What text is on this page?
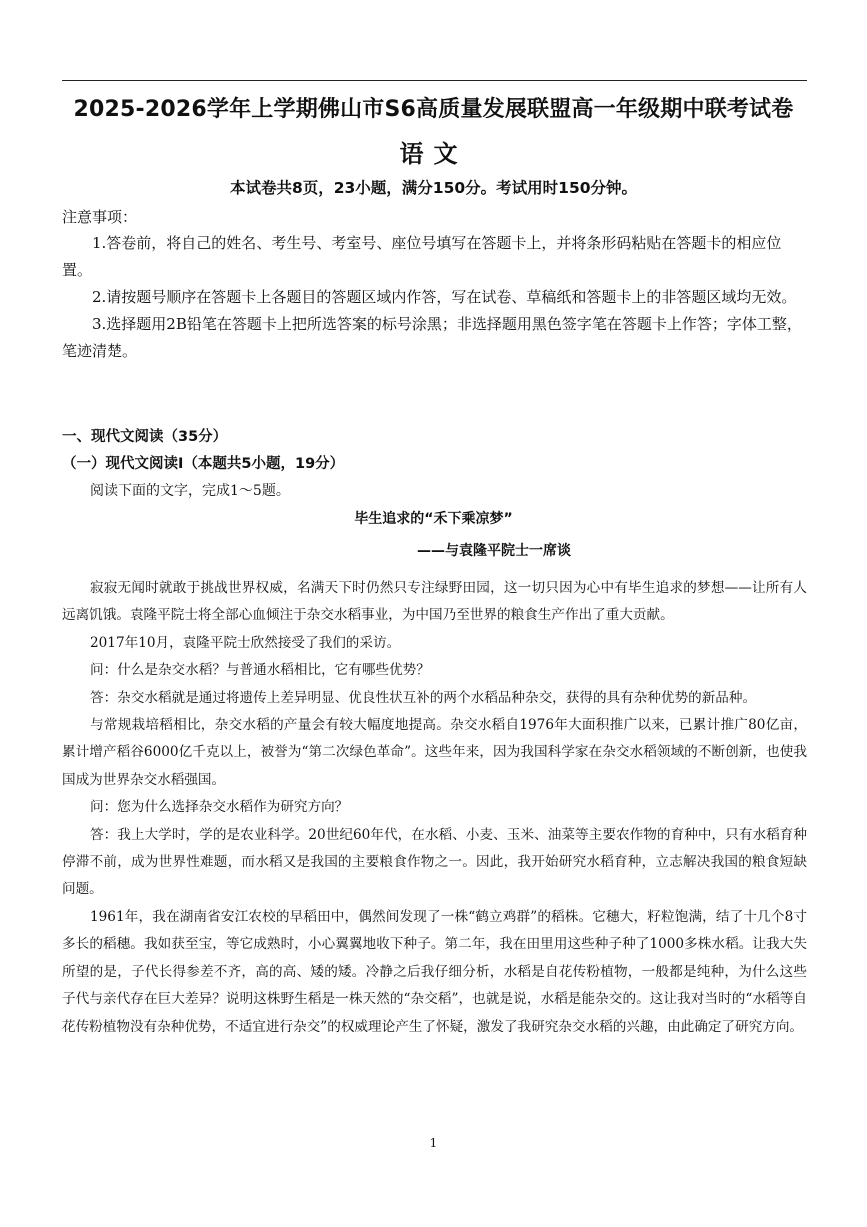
2025-2026学年上学期佛山市S6高质量发展联盟高一年级期中联考试卷
语文
本试卷共8页，23小题，满分150分。考试用时150分钟。
注意事项：

1.答卷前，将自己的姓名、考生号、考室号、座位号填写在答题卡上，并将条形码粘贴在答题卡的相应位置。

2.请按题号顺序在答题卡上各题目的答题区域内作答，写在试卷、草稿纸和答题卡上的非答题区域均无效。

3.选择题用2B铅笔在答题卡上把所选答案的标号涂黑；非选择题用黑色签字笔在答题卡上作答；字体工整，笔迹清楚。

一、现代文阅读（35分）
（一）现代文阅读Ⅰ（本题共5小题，19分）
阅读下面的文字，完成1～5题。
毕生追求的“禾下乘凉梦”
——与袁隆平院士一席谈

寂寂无闻时就敢于挑战世界权威，名满天下时仍然只专注绿野田园，这一切只因为心中有毕生追求的梦想——让所有人远离饥饿。袁隆平院士将全部心血倾注于杂交水稻事业，为中国乃至世界的粮食生产作出了重大贡献。

2017年10月，袁隆平院士欣然接受了我们的采访。

问：什么是杂交水稻？与普通水稻相比，它有哪些优势？

答：杂交水稻就是通过将遗传上差异明显、优良性状互补的两个水稻品种杂交，获得的具有杂种优势的新品种。

与常规栽培稻相比，杂交水稻的产量会有较大幅度地提高。杂交水稻自1976年大面积推广以来，已累计推广80亿亩，累计增产稻谷6000亿千克以上，被誉为“第二次绿色革命”。这些年来，因为我国科学家在杂交水稻领域的不断创新，也使我国成为世界杂交水稻强国。

问：您为什么选择杂交水稻作为研究方向？

答：我上大学时，学的是农业科学。20世纪60年代，在水稻、小麦、玉米、油菜等主要农作物的育种中，只有水稻育种停滞不前，成为世界性难题，而水稻又是我国的主要粮食作物之一。因此，我开始研究水稻育种，立志解决我国的粮食短缺问题。

1961年，我在湖南省安江农校的早稻田中，偶然间发现了一株“鹤立鸡群”的稻株。它穗大，籽粒饱满，结了十几个8寸多长的稻穗。我如获至宝，等它成熟时，小心翼翼地收下种子。第二年，我在田里用这些种子种了1000多株水稻。让我大失所望的是，子代长得参差不齐，高的高、矮的矮。冷静之后我仔细分析，水稻是自花传粉植物，一般都是纯种，为什么这些子代与亲代存在巨大差异？说明这株野生稻是一株天然的“杂交稻”，也就是说，水稻是能杂交的。这让我对当时的“水稻等自花传粉植物没有杂种优势，不适宜进行杂交”的权威理论产生了怀疑，激发了我研究杂交水稻的兴趣，由此确定了研究方向。

1
